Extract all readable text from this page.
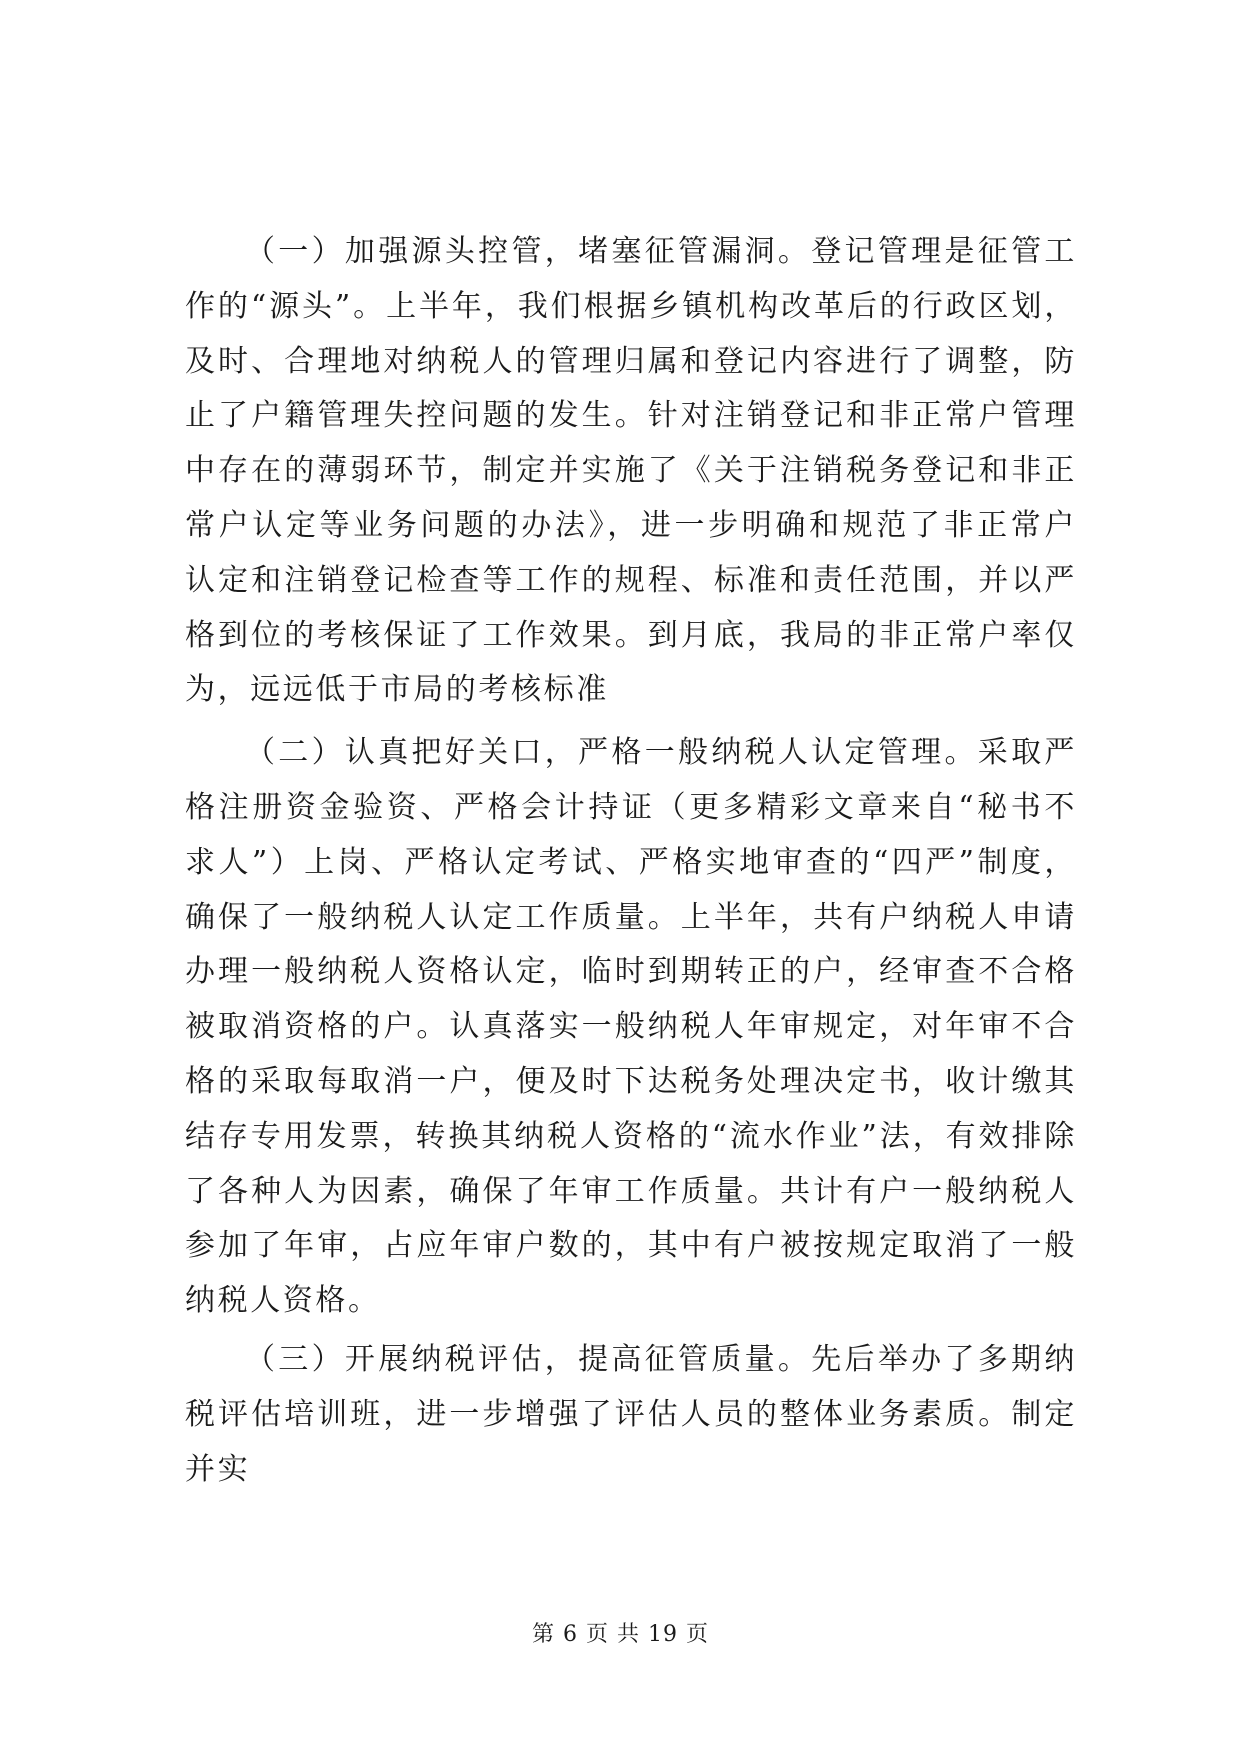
（一）加强源头控管，堵塞征管漏洞。登记管理是征管工作的“源头”。上半年，我们根据乡镇机构改革后的行政区划，及时、合理地对纳税人的管理归属和登记内容进行了调整，防止了户籍管理失控问题的发生。针对注销登记和非正常户管理中存在的薄弱环节，制定并实施了《关于注销税务登记和非正常户认定等业务问题的办法》，进一步明确和规范了非正常户认定和注销登记检查等工作的规程、标准和责任范围，并以严格到位的考核保证了工作效果。到月底，我局的非正常户率仅为，远远低于市局的考核标准

（二）认真把好关口，严格一般纳税人认定管理。采取严格注册资金验资、严格会计持证（更多精彩文章来自“秘书不求人”）上岗、严格认定考试、严格实地审查的“四严”制度，确保了一般纳税人认定工作质量。上半年，共有户纳税人申请办理一般纳税人资格认定，临时到期转正的户，经审查不合格被取消资格的户。认真落实一般纳税人年审规定，对年审不合格的采取每取消一户，便及时下达税务处理决定书，收计缴其结存专用发票，转换其纳税人资格的“流水作业”法，有效排除了各种人为因素，确保了年审工作质量。共计有户一般纳税人参加了年审，占应年审户数的，其中有户被按规定取消了一般纳税人资格。

（三）开展纳税评估，提高征管质量。先后举办了多期纳税评估培训班，进一步增强了评估人员的整体业务素质。制定并实

第 6 页 共 19 页
